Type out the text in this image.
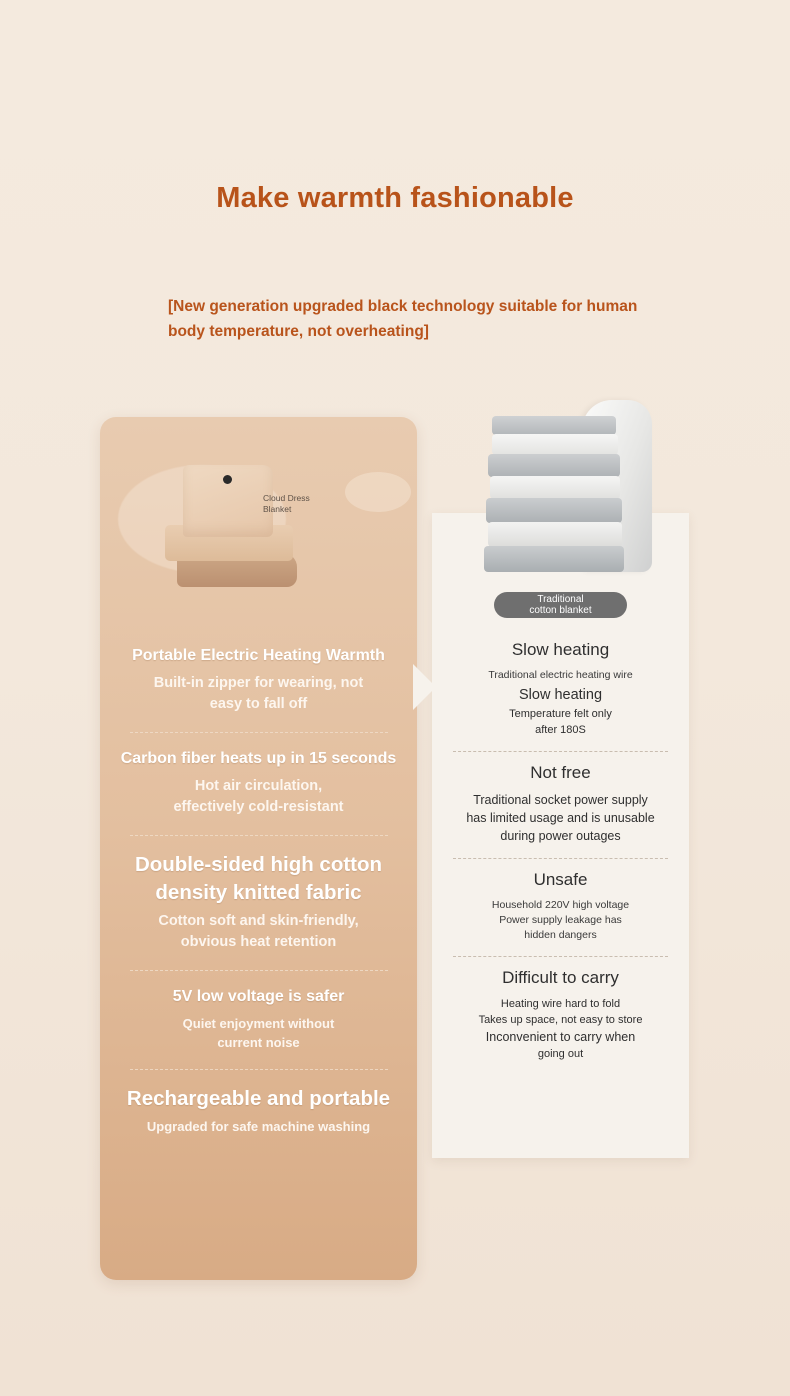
Make warmth fashionable
[New generation upgraded black technology suitable for human body temperature, not overheating]
Traditional
cotton blanket
Slow heating
Traditional electric heating wire
Slow heating
Temperature felt only
after 180S
Not free
Traditional socket power supply
has limited usage and is unusable
during power outages
Unsafe
Household 220V high voltage
Power supply leakage has
hidden dangers
Difficult to carry
Heating wire hard to fold
Takes up space, not easy to store
Inconvenient to carry when
going out
Cloud Dress
Blanket
Portable Electric Heating Warmth
Built-in zipper for wearing, not
easy to fall off
Carbon fiber heats up in 15 seconds
Hot air circulation,
effectively cold-resistant
Double-sided high cotton
density knitted fabric
Cotton soft and skin-friendly,
obvious heat retention
5V low voltage is safer
Quiet enjoyment without
current noise
Rechargeable and portable
Upgraded for safe machine washing
